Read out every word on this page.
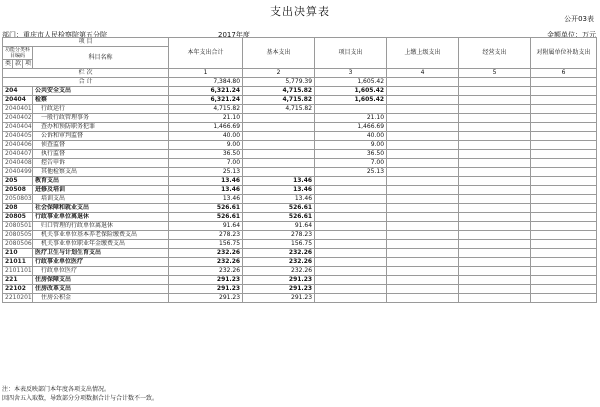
支出决算表
公开03表
部门：重庆市人民检察院第五分院	2017年度	金额单位：万元
项 目				本年支出合计	基本支出	项目支出	上缴上级支出	经营支出	对附属单位补助支出
功能分类科目编码			科目名称						
类	款	项							
栏 次				1	2	3	4	5	6
合 计				7,384.80	5,779.39	1,605.42			
204			公共安全支出	6,321.24	4,715.82	1,605.42			
20404			检察	6,321.24	4,715.82	1,605.42			
2040401			行政运行	4,715.82	4,715.82				
2040402			一般行政管理事务	21.10		21.10			
2040404			查办和预防职务犯罪	1,466.69		1,466.69			
2040405			公诉和审判监督	40.00		40.00			
2040406			侦查监督	9.00		9.00			
2040407			执行监督	36.50		36.50			
2040408			控告申诉	7.00		7.00			
2040499			其他检察支出	25.13		25.13			
205			教育支出	13.46	13.46				
20508			进修及培训	13.46	13.46				
2050803			培训支出	13.46	13.46				
208			社会保障和就业支出	526.61	526.61				
20805			行政事业单位离退休	526.61	526.61				
2080501			归口管理的行政单位离退休	91.64	91.64				
2080505			机关事业单位基本养老保险缴费支出	278.23	278.23				
2080506			机关事业单位职业年金缴费支出	156.75	156.75				
210			医疗卫生与计划生育支出	232.26	232.26				
21011			行政事业单位医疗	232.26	232.26				
2101101			行政单位医疗	232.26	232.26				
221			住房保障支出	291.23	291.23				
22102			住房改革支出	291.23	291.23				
2210201			住房公积金	291.23	291.23				
注：本表反映部门本年度各项支出情况。
因四舍五入取数，导致部分分项数据合计与合计数不一致。
